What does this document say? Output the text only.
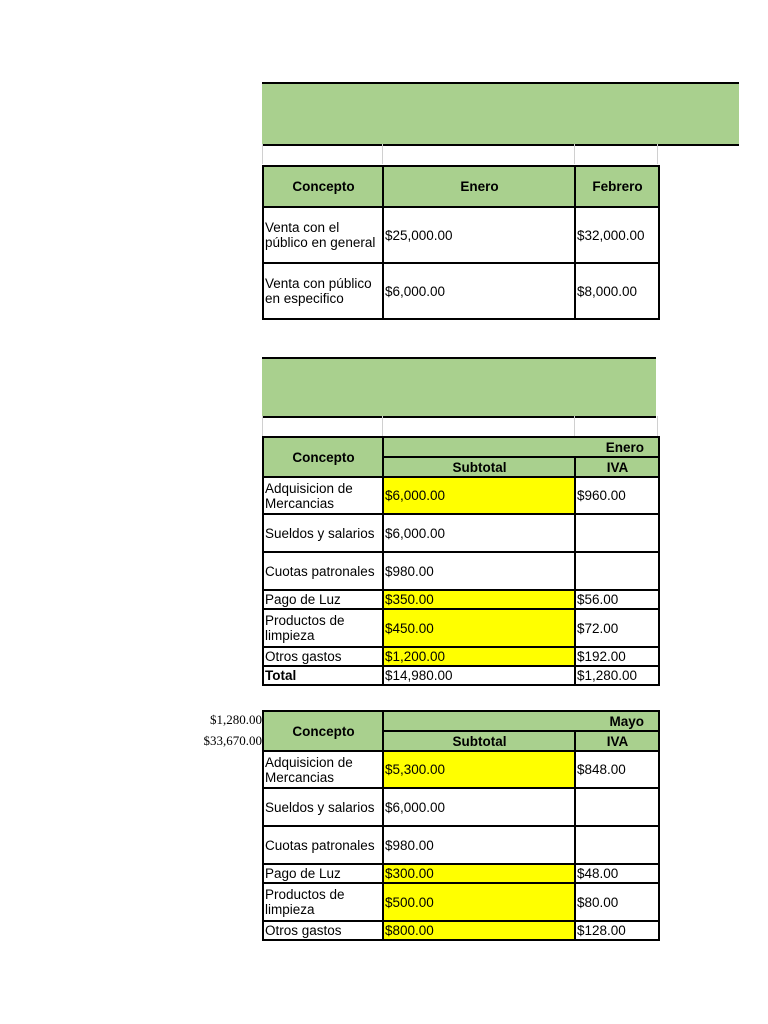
Concepto	Enero	Febrero
Venta con el público en general	$25,000.00	$32,000.00
Venta con público en especifico	$6,000.00	$8,000.00
Concepto	Enero	
	Subtotal	IVA
Adquisicion de Mercancias	$6,000.00	$960.00
Sueldos y salarios	$6,000.00	
Cuotas patronales	$980.00	
Pago de Luz	$350.00	$56.00
Productos de limpieza	$450.00	$72.00
Otros gastos	$1,200.00	$192.00
Total	$14,980.00	$1,280.00
$1,280.00
$33,670.00
Concepto	Mayo	
	Subtotal	IVA
Adquisicion de Mercancias	$5,300.00	$848.00
Sueldos y salarios	$6,000.00	
Cuotas patronales	$980.00	
Pago de Luz	$300.00	$48.00
Productos de limpieza	$500.00	$80.00
Otros gastos	$800.00	$128.00
